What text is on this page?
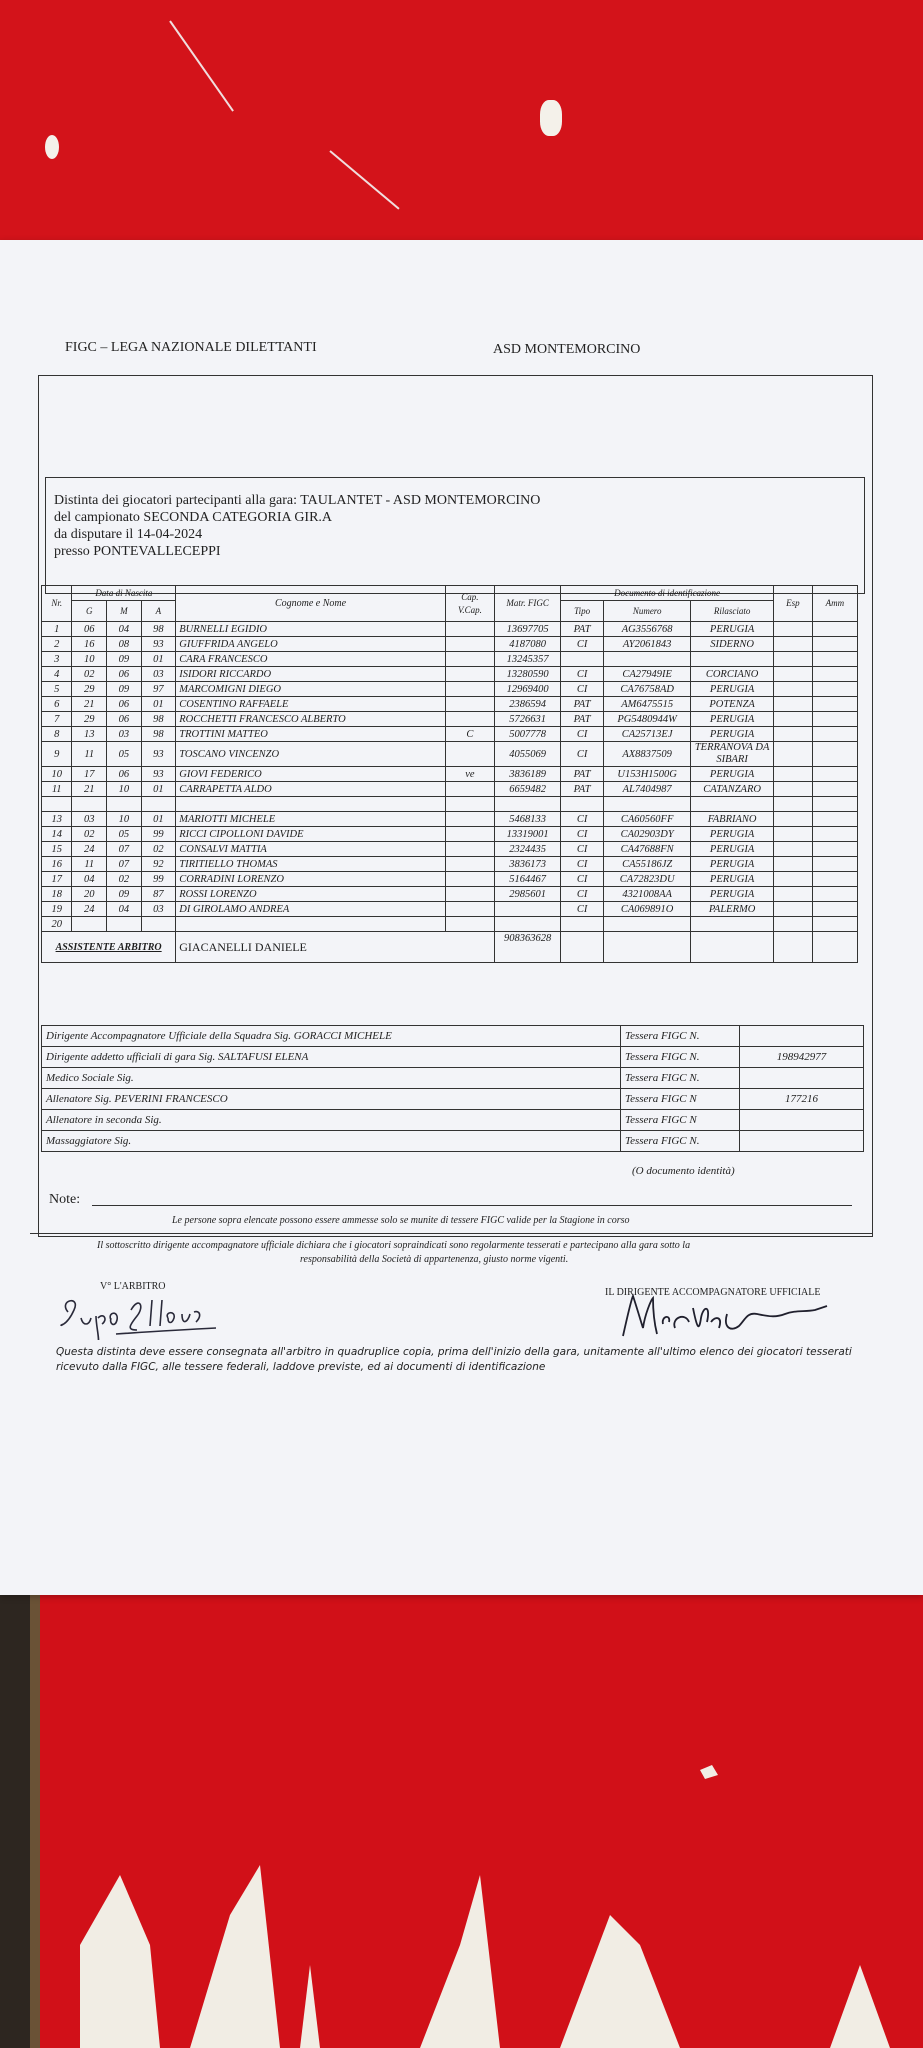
FIGC – LEGA NAZIONALE DILETTANTI	ASD MONTEMORCINO
Distinta dei giocatori partecipanti alla gara: TAULANTET - ASD MONTEMORCINO
del campionato SECONDA CATEGORIA GIR.A
da disputare il 14-04-2024
presso PONTEVALLECEPPI
Nr.	Data di Nascita			Cognome e Nome	Cap. V.Cap.	Matr. FIGC	Documento di identificazione			Esp	Amm
	G	M	A				Tipo	Numero	Rilasciato		
1	06	04	98	BURNELLI EGIDIO		13697705	PAT	AG3556768	PERUGIA		
2	16	08	93	GIUFFRIDA ANGELO		4187080	CI	AY2061843	SIDERNO		
3	10	09	01	CARA FRANCESCO		13245357					
4	02	06	03	ISIDORI RICCARDO		13280590	CI	CA27949IE	CORCIANO		
5	29	09	97	MARCOMIGNI DIEGO		12969400	CI	CA76758AD	PERUGIA		
6	21	06	01	COSENTINO RAFFAELE		2386594	PAT	AM6475515	POTENZA		
7	29	06	98	ROCCHETTI FRANCESCO ALBERTO		5726631	PAT	PG5480944W	PERUGIA		
8	13	03	98	TROTTINI MATTEO	C	5007778	CI	CA25713EJ	PERUGIA		
9	11	05	93	TOSCANO VINCENZO		4055069	CI	AX8837509	TERRANOVA DA SIBARI		
10	17	06	93	GIOVI FEDERICO	ve	3836189	PAT	U153H1500G	PERUGIA		
11	21	10	01	CARRAPETTA ALDO		6659482	PAT	AL7404987	CATANZARO		

13	03	10	01	MARIOTTI MICHELE		5468133	CI	CA60560FF	FABRIANO		
14	02	05	99	RICCI CIPOLLONI DAVIDE		13319001	CI	CA02903DY	PERUGIA		
15	24	07	02	CONSALVI MATTIA		2324435	CI	CA47688FN	PERUGIA		
16	11	07	92	TIRITIELLO THOMAS		3836173	CI	CA55186JZ	PERUGIA		
17	04	02	99	CORRADINI LORENZO		5164467	CI	CA72823DU	PERUGIA		
18	20	09	87	ROSSI LORENZO		2985601	CI	4321008AA	PERUGIA		
19	24	04	03	DI GIROLAMO ANDREA			CI	CA069891O	PALERMO		
20											
ASSISTENTE ARBITRO				GIACANELLI DANIELE		908363628					
Dirigente Accompagnatore Ufficiale della Squadra Sig. GORACCI MICHELE	Tessera FIGC N.	
Dirigente addetto ufficiali di gara Sig. SALTAFUSI ELENA	Tessera FIGC N.	198942977
Medico Sociale Sig.	Tessera FIGC N.	
Allenatore Sig. PEVERINI FRANCESCO	Tessera FIGC N	177216
Allenatore in seconda Sig.	Tessera FIGC N	
Massaggiatore Sig.	Tessera FIGC N.	
(O documento identità)
Note:
Le persone sopra elencate possono essere ammesse solo se munite di tessere FIGC valide per la Stagione in corso
Il sottoscritto dirigente accompagnatore ufficiale dichiara che i giocatori sopraindicati sono regolarmente tesserati e partecipano alla gara sotto la
responsabilità della Società di appartenenza, giusto norme vigenti.
V° L'ARBITRO
IL DIRIGENTE ACCOMPAGNATORE UFFICIALE
Questa distinta deve essere consegnata all'arbitro in quadruplice copia, prima dell'inizio della gara, unitamente all'ultimo elenco dei giocatori tesserati ricevuto dalla FIGC, alle tessere federali, laddove previste, ed ai documenti di identificazione
